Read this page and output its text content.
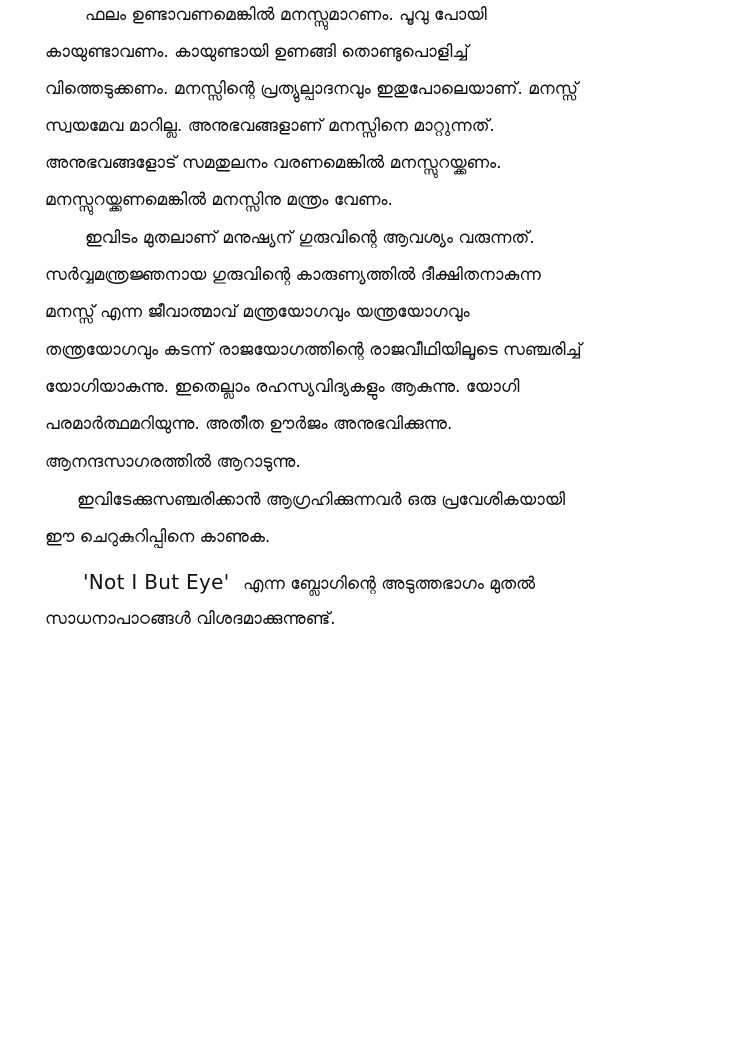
ഫലം ഉണ്ടാവണമെങ്കിൽ മനസ്സുമാറണം. പൂവു പോയി
കായുണ്ടാവണം. കായുണ്ടായി ഉണങ്ങി തൊണ്ടുപൊളിച്ച്
വിത്തെടുക്കണം. മനസ്സിന്റെ പ്രത്യുല്പാദനവും ഇതുപോലെയാണ്. മനസ്സ്
സ്വയമേവ മാറില്ല. അനുഭവങ്ങളാണ് മനസ്സിനെ മാറ്റുന്നത്.
അനുഭവങ്ങളോട് സമതുലനം വരണമെങ്കിൽ മനസ്സുറയ്ക്കണം.
മനസ്സുറയ്ക്കണമെങ്കിൽ മനസ്സിനു മന്ത്രം വേണം.
ഇവിടം മുതലാണ് മനുഷ്യന് ഗുരുവിന്റെ ആവശ്യം വരുന്നത്.
സർവ്വമന്ത്രജ്ഞനായ ഗുരുവിന്റെ കാരുണ്യത്തിൽ ദീക്ഷിതനാകുന്ന
മനസ്സ് എന്ന ജീവാത്മാവ് മന്ത്രയോഗവും യന്ത്രയോഗവും
തന്ത്രയോഗവും കടന്ന് രാജയോഗത്തിന്റെ രാജവീഥിയിലൂടെ സഞ്ചരിച്ച്
യോഗിയാകുന്നു. ഇതെല്ലാം രഹസ്യവിദ്യകളും ആകുന്നു. യോഗി
പരമാർത്ഥമറിയുന്നു. അതീത ഊർജം അനുഭവിക്കുന്നു.
ആനന്ദസാഗരത്തിൽ ആറാടുന്നു.
ഇവിടേക്കുസഞ്ചരിക്കാൻ ആഗ്രഹിക്കുന്നവർ ഒരു പ്രവേശികയായി
ഈ ചെറുകുറിപ്പിനെ കാണുക.
'Not I But Eye' എന്ന ബ്ലോഗിന്റെ അടുത്തഭാഗം മുതൽ
സാധനാപാഠങ്ങൾ വിശദമാക്കുന്നുണ്ട്.
